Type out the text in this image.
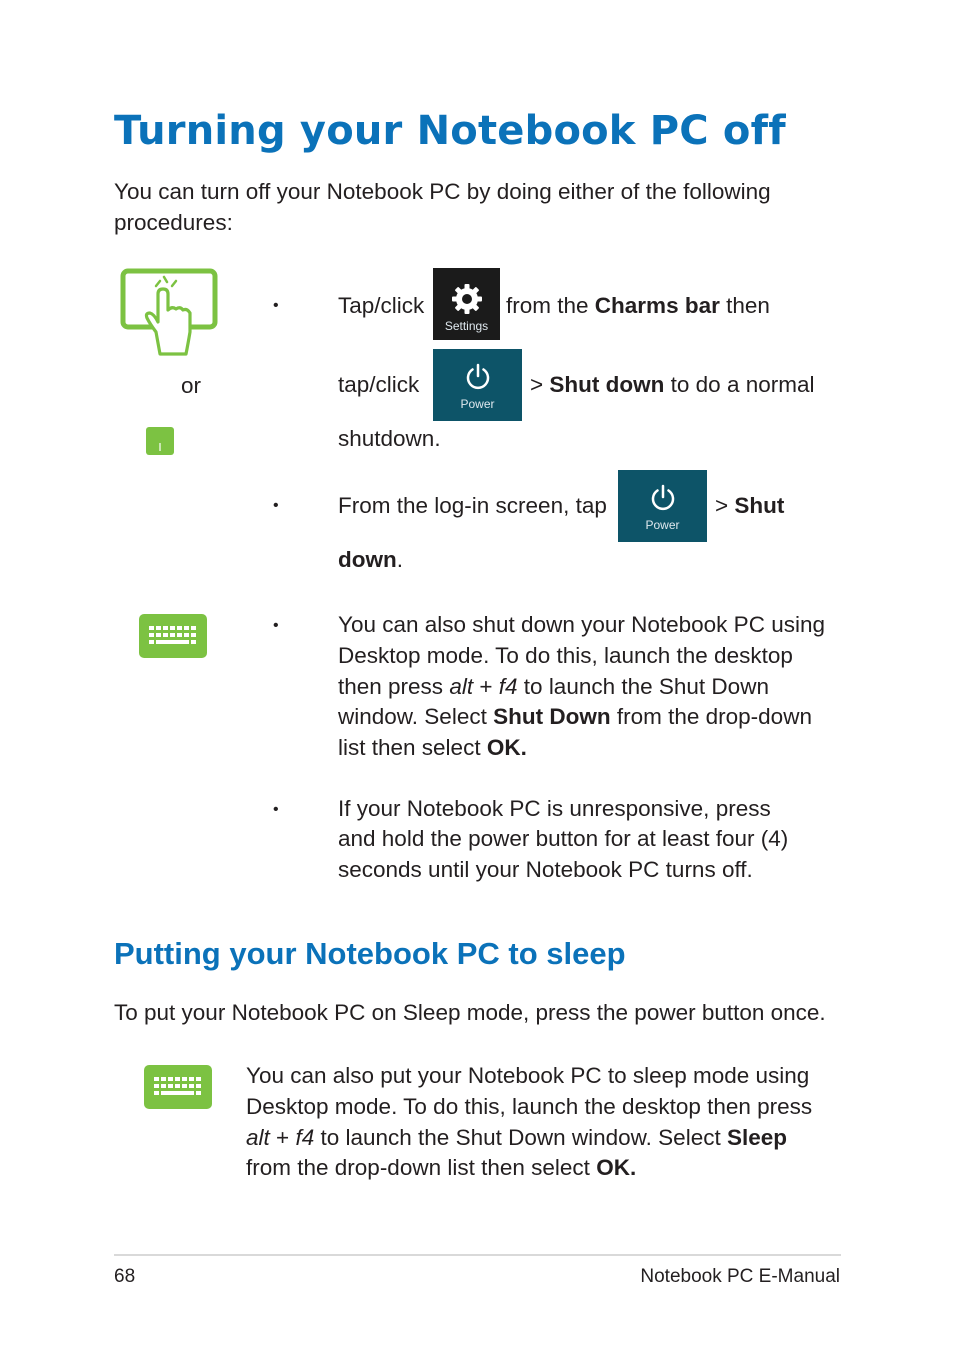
Turning your Notebook PC off
You can turn off your Notebook PC by doing either of the following
procedures:
or
•	Tap/click
Settings
from the Charms bar then
tap/click
Power
> Shut down to do a normal
shutdown.
•	From the log-in screen, tap
Power
> Shut
down.
•	You can also shut down your Notebook PC using
Desktop mode. To do this, launch the desktop
then press alt + f4 to launch the Shut Down
window. Select Shut Down from the drop-down
list then select OK.
•	If your Notebook PC is unresponsive, press
and hold the power button for at least four (4)
seconds until your Notebook PC turns off.
Putting your Notebook PC to sleep
To put your Notebook PC on Sleep mode, press the power button once.
You can also put your Notebook PC to sleep mode using
Desktop mode. To do this, launch the desktop then press
alt + f4 to launch the Shut Down window. Select Sleep
from the drop-down list then select OK.
68	Notebook PC E-Manual
